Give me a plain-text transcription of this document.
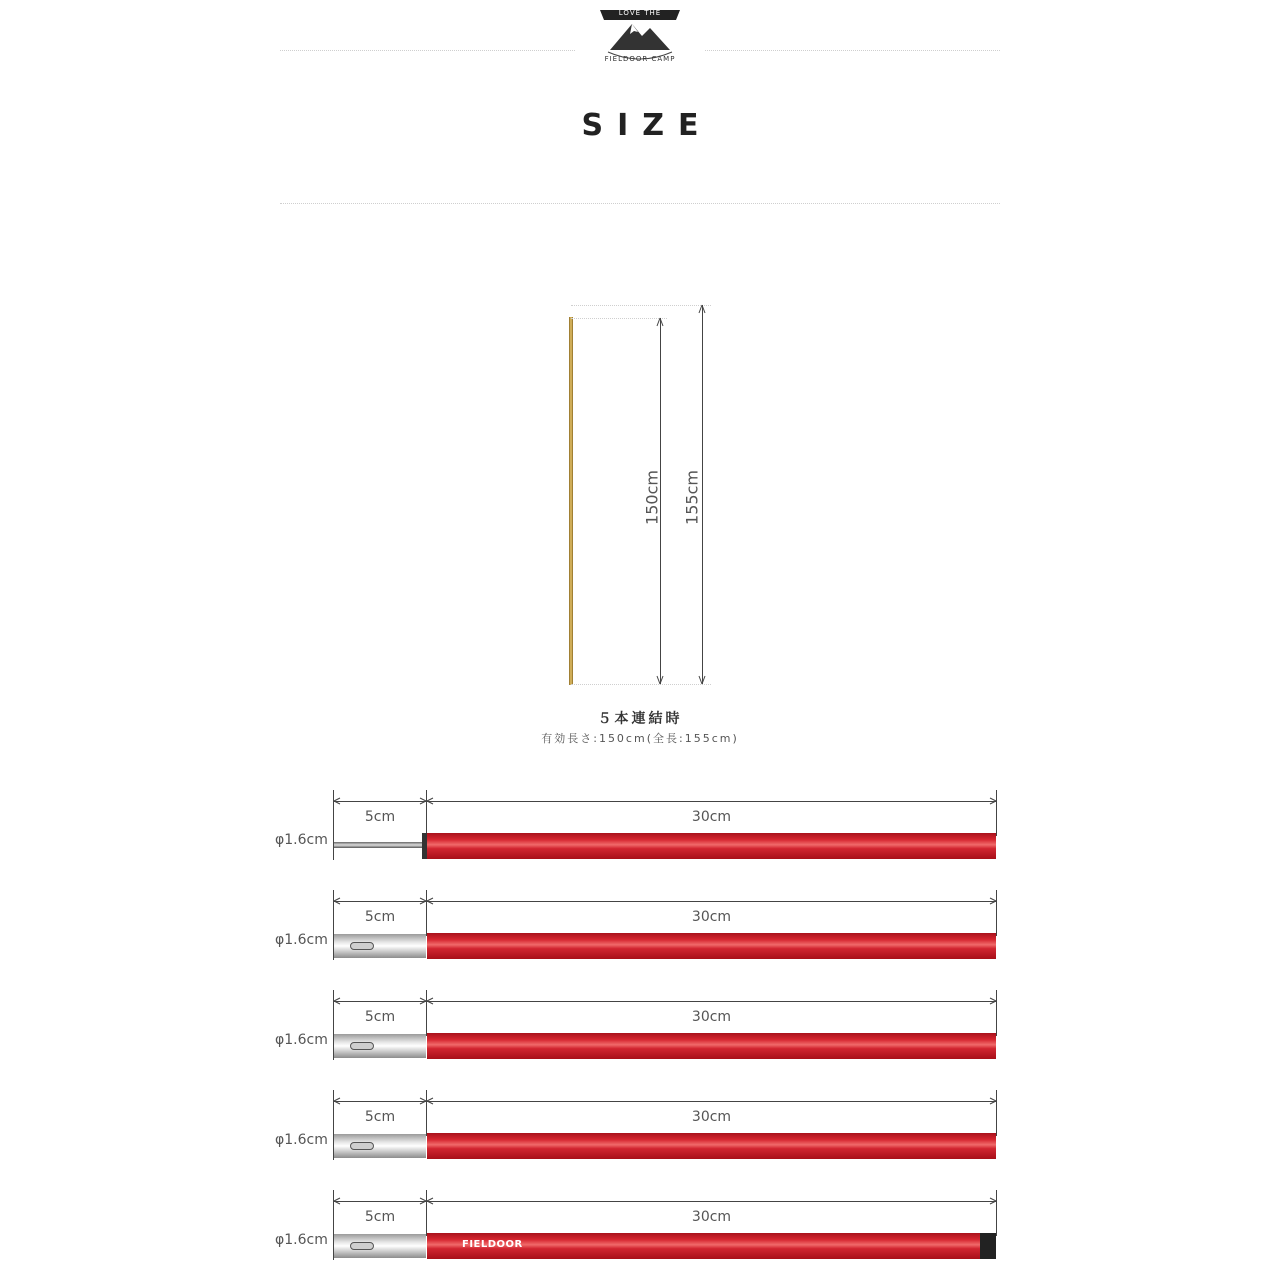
LOVE THE
FIELDOOR CAMP
SIZE
150cm 155cm
５本連結時
有効長さ:150cm(全長:155cm)
5cm	30cm
φ1.6cm
5cm	30cm
φ1.6cm
5cm	30cm
φ1.6cm
5cm	30cm
φ1.6cm
5cm	30cm
φ1.6cm	FIELDOOR
